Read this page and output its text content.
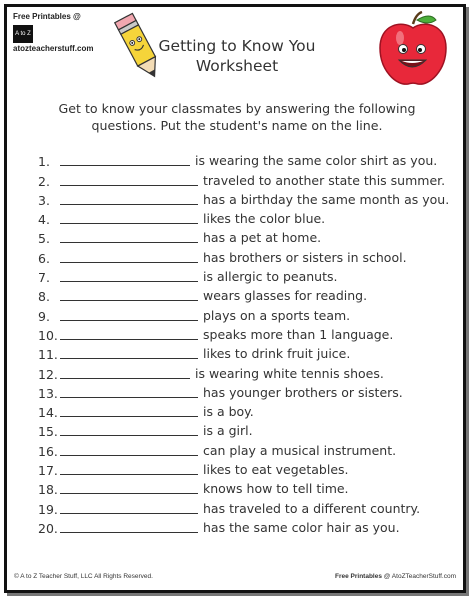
Free Printables @
A to Z
atozteacherstuff.com	Getting to Know You
Worksheet
Get to know your classmates by answering the following questions. Put the student's name on the line.
1.	is wearing the same color shirt as you.
2.	traveled to another state this summer.
3.	has a birthday the same month as you.
4.	likes the color blue.
5.	has a pet at home.
6.	has brothers or sisters in school.
7.	is allergic to peanuts.
8.	wears glasses for reading.
9.	plays on a sports team.
10.	speaks more than 1 language.
11.	likes to drink fruit juice.
12.	is wearing white tennis shoes.
13.	has younger brothers or sisters.
14.	is a boy.
15.	is a girl.
16.	can play a musical instrument.
17.	likes to eat vegetables.
18.	knows how to tell time.
19.	has traveled to a different country.
20.	has the same color hair as you.
© A to Z Teacher Stuff, LLC All Rights Reserved.	Free Printables @ AtoZTeacherStuff.com
